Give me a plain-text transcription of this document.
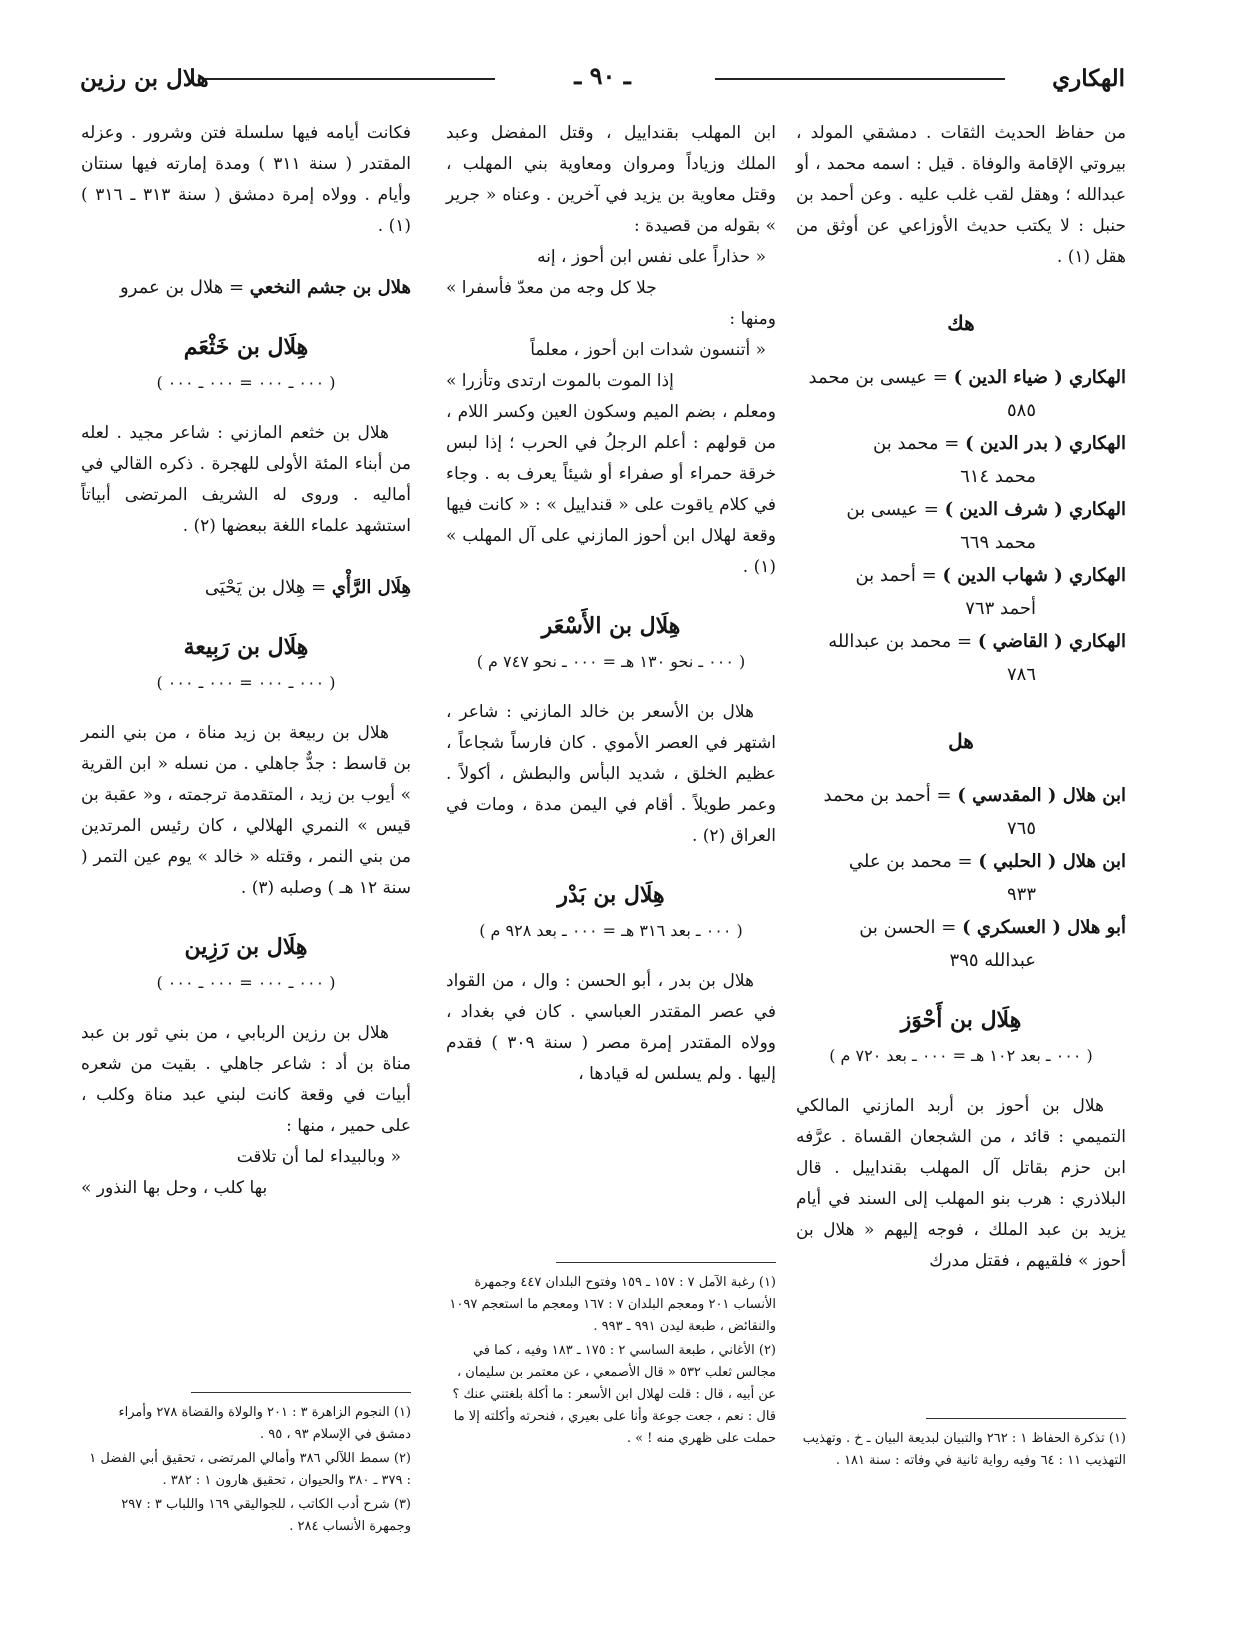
الهكاري
ـ ٩٠ ـ
هلال بن رزين

من حفاظ الحديث الثقات . دمشقي المولد ، بيروتي الإقامة والوفاة . قيل : اسمه محمد ، أو عبدالله ؛ وهقل لقب غلب عليه . وعن أحمد بن حنبل : لا يكتب حديث الأوزاعي عن أوثق من هقل (١) .

هك
الهكاري ( ضياء الدين ) = عيسى بن محمد
٥٨٥
الهكاري ( بدر الدين ) = محمد بن
محمد ٦١٤
الهكاري ( شرف الدين ) = عيسى بن
محمد ٦٦٩
الهكاري ( شهاب الدين ) = أحمد بن
أحمد ٧٦٣
الهكاري ( القاضي ) = محمد بن عبدالله
٧٨٦
هل
ابن هلال ( المقدسي ) = أحمد بن محمد
٧٦٥
ابن هلال ( الحلبي ) = محمد بن علي
٩٣٣
أبو هلال ( العسكري ) = الحسن بن
عبدالله ٣٩٥
هِلَال بن أَحْوَز
( ٠٠٠ ـ بعد ١٠٢ هـ = ٠٠٠ ـ بعد ٧٢٠ م )

هلال بن أحوز بن أربد المازني المالكي التميمي : قائد ، من الشجعان القساة . عرَّفه ابن حزم بقاتل آل المهلب بقنداييل . قال البلاذري : هرب بنو المهلب إلى السند في أيام يزيد بن عبد الملك ، فوجه إليهم « هلال بن أحوز » فلقيهم ، فقتل مدرك

(١) تذكرة الحفاظ ١ : ٢٦٢ والتبيان لبديعة البيان ـ خ . وتهذيب التهذيب ١١ : ٦٤ وفيه رواية ثانية في وفاته : سنة ١٨١ .

ابن المهلب بقنداييل ، وقتل المفضل وعبد الملك وزياداً ومروان ومعاوية بني المهلب ، وقتل معاوية بن يزيد في آخرين . وعناه « جرير » بقوله من قصيدة :

« حذاراً على نفس ابن أحوز ، إنه

جلا كل وجه من معدّ فأسفرا »

ومنها :

« أتنسون شدات ابن أحوز ، معلماً

إذا الموت بالموت ارتدى وتأزرا »

ومعلم ، بضم الميم وسكون العين وكسر اللام ، من قولهم : أعلم الرجلُ في الحرب ؛ إذا لبس خرقة حمراء أو صفراء أو شيئاً يعرف به . وجاء في كلام ياقوت على « قنداييل » : « كانت فيها وقعة لهلال ابن أحوز المازني على آل المهلب » (١) .

هِلَال بن الأَسْعَر
( ٠٠٠ ـ نحو ١٣٠ هـ = ٠٠٠ ـ نحو ٧٤٧ م )

هلال بن الأسعر بن خالد المازني : شاعر ، اشتهر في العصر الأموي . كان فارساً شجاعاً ، عظيم الخلق ، شديد البأس والبطش ، أكولاً . وعمر طويلاً . أقام في اليمن مدة ، ومات في العراق (٢) .

هِلَال بن بَدْر
( ٠٠٠ ـ بعد ٣١٦ هـ = ٠٠٠ ـ بعد ٩٢٨ م )

هلال بن بدر ، أبو الحسن : وال ، من القواد في عصر المقتدر العباسي . كان في بغداد ، وولاه المقتدر إمرة مصر ( سنة ٣٠٩ ) فقدم إليها . ولم يسلس له قيادها ،

(١) رغبة الآمل ٧ : ١٥٧ ـ ١٥٩ وفتوح البلدان ٤٤٧ وجمهرة الأنساب ٢٠١ ومعجم البلدان ٧ : ١٦٧ ومعجم ما استعجم ١٠٩٧ والنقائض ، طبعة ليدن ٩٩١ ـ ٩٩٣ .

(٢) الأغاني ، طبعة الساسي ٢ : ١٧٥ ـ ١٨٣ وفيه ، كما في مجالس ثعلب ٥٣٢ « قال الأصمعي ، عن معتمر بن سليمان ، عن أبيه ، قال : قلت لهلال ابن الأسعر : ما أكلة بلغتني عنك ؟ قال : نعم ، جعت جوعة وأنا على بعيري ، فنحرته وأكلته إلا ما حملت على ظهري منه ! » .

فكانت أيامه فيها سلسلة فتن وشرور . وعزله المقتدر ( سنة ٣١١ ) ومدة إمارته فيها سنتان وأيام . وولاه إمرة دمشق ( سنة ٣١٣ ـ ٣١٦ ) (١) .

هلال بن جشم النخعي = هلال بن عمرو
هِلَال بن خَثْعَم
( ٠٠٠ ـ ٠٠٠ = ٠٠٠ ـ ٠٠٠ )

هلال بن خثعم المازني : شاعر مجيد . لعله من أبناء المئة الأولى للهجرة . ذكره القالي في أماليه . وروى له الشريف المرتضى أبياتاً استشهد علماء اللغة ببعضها (٢) .

هِلَال الرَّأْي = هِلال بن يَحْيَى
هِلَال بن رَبِيعة
( ٠٠٠ ـ ٠٠٠ = ٠٠٠ ـ ٠٠٠ )

هلال بن ربيعة بن زيد مناة ، من بني النمر بن قاسط : جدٌّ جاهلي . من نسله « ابن القرية » أيوب بن زيد ، المتقدمة ترجمته ، و« عقبة بن قيس » النمري الهلالي ، كان رئيس المرتدين من بني النمر ، وقتله « خالد » يوم عين التمر ( سنة ١٢ هـ ) وصلبه (٣) .

هِلَال بن رَزِين
( ٠٠٠ ـ ٠٠٠ = ٠٠٠ ـ ٠٠٠ )

هلال بن رزين الربابي ، من بني ثور بن عبد مناة بن أد : شاعر جاهلي . بقيت من شعره أبيات في وقعة كانت لبني عبد مناة وكلب ، على حمير ، منها :

« وبالبيداء لما أن تلاقت

بها كلب ، وحل بها النذور »

(١) النجوم الزاهرة ٣ : ٢٠١ والولاة والقضاة ٢٧٨ وأمراء دمشق في الإسلام ٩٣ ، ٩٥ .

(٢) سمط اللآلي ٣٨٦ وأمالي المرتضى ، تحقيق أبي الفضل ١ : ٣٧٩ ـ ٣٨٠ والحيوان ، تحقيق هارون ١ : ٣٨٢ .

(٣) شرح أدب الكاتب ، للجواليقي ١٦٩ واللباب ٣ : ٢٩٧ وجمهرة الأنساب ٢٨٤ .
